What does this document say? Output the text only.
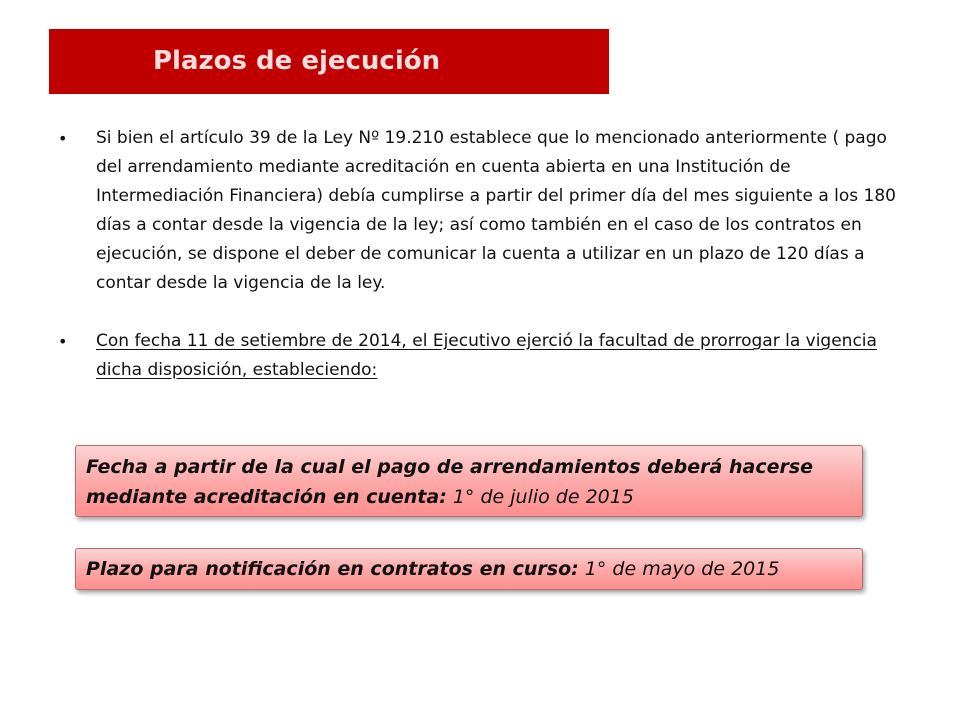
Plazos de ejecución
• Si bien el artículo 39 de la Ley Nº 19.210 establece que lo mencionado anteriormente ( pago del arrendamiento mediante acreditación en cuenta abierta en una Institución de Intermediación Financiera) debía cumplirse a partir del primer día del mes siguiente a los 180 días a contar desde la vigencia de la ley; así como también en el caso de los contratos en ejecución, se dispone el deber de comunicar la cuenta a utilizar en un plazo de 120 días a contar desde la vigencia de la ley.
• Con fecha 11 de setiembre de 2014, el Ejecutivo ejerció la facultad de prorrogar la vigencia dicha disposición, estableciendo:
Fecha a partir de la cual el pago de arrendamientos deberá hacerse mediante acreditación en cuenta: 1° de julio de 2015
Plazo para notificación en contratos en curso: 1° de mayo de 2015
